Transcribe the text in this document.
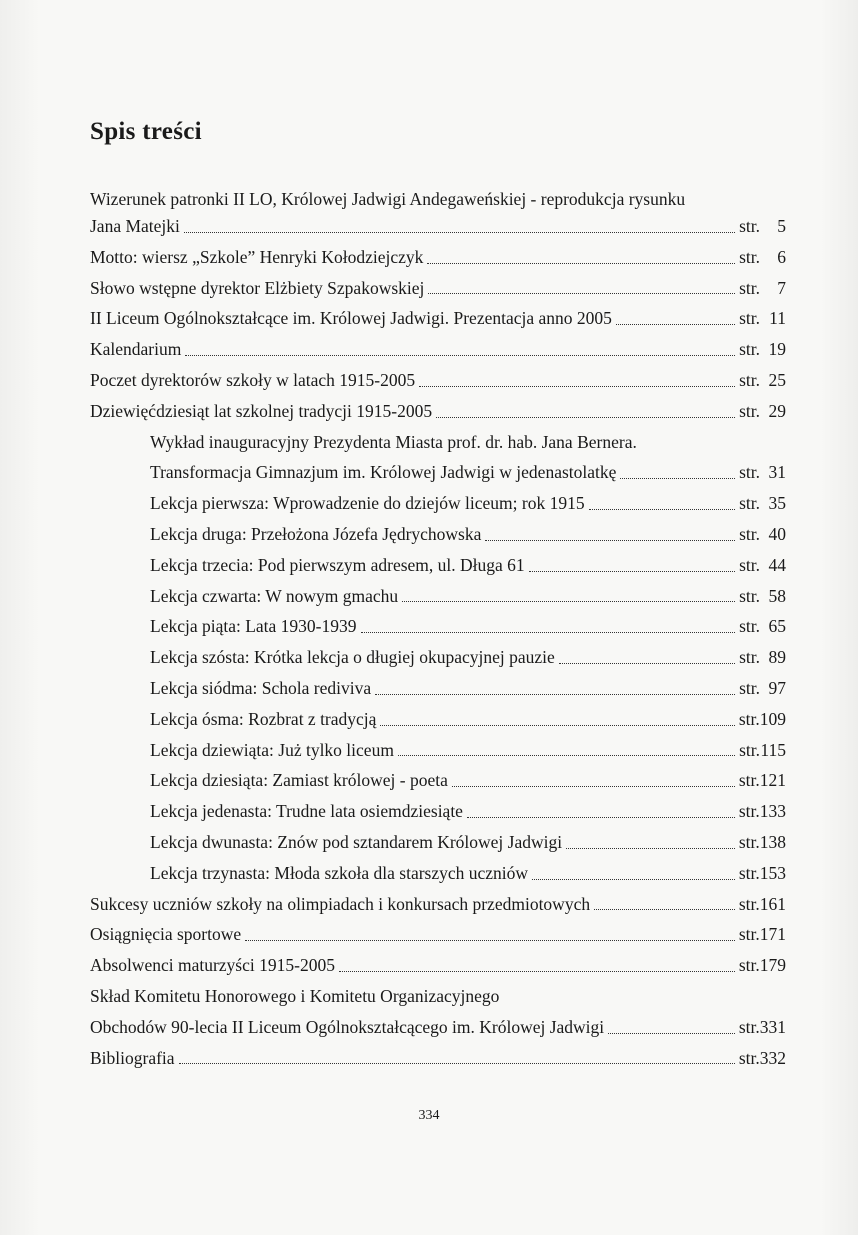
Spis treści
Wizerunek patronki II LO, Królowej Jadwigi Andegaweńskiej - reprodukcja rysunku
Jana Matejki	str. 5
Motto: wiersz „Szkole” Henryki Kołodziejczyk	str. 6
Słowo wstępne dyrektor Elżbiety Szpakowskiej	str. 7
II Liceum Ogólnokształcące im. Królowej Jadwigi. Prezentacja anno 2005	str. 11
Kalendarium	str. 19
Poczet dyrektorów szkoły w latach 1915-2005	str. 25
Dziewięćdziesiąt lat szkolnej tradycji 1915-2005	str. 29
Wykład inauguracyjny Prezydenta Miasta prof. dr. hab. Jana Bernera.
Transformacja Gimnazjum im. Królowej Jadwigi w jedenastolatkę	str. 31
Lekcja pierwsza: Wprowadzenie do dziejów liceum; rok 1915	str. 35
Lekcja druga: Przełożona Józefa Jędrychowska	str. 40
Lekcja trzecia: Pod pierwszym adresem, ul. Długa 61	str. 44
Lekcja czwarta: W nowym gmachu	str. 58
Lekcja piąta: Lata 1930-1939	str. 65
Lekcja szósta: Krótka lekcja o długiej okupacyjnej pauzie	str. 89
Lekcja siódma: Schola rediviva	str. 97
Lekcja ósma: Rozbrat z tradycją	str. 109
Lekcja dziewiąta: Już tylko liceum	str. 115
Lekcja dziesiąta: Zamiast królowej - poeta	str. 121
Lekcja jedenasta: Trudne lata osiemdziesiąte	str. 133
Lekcja dwunasta: Znów pod sztandarem Królowej Jadwigi	str. 138
Lekcja trzynasta: Młoda szkoła dla starszych uczniów	str. 153
Sukcesy uczniów szkoły na olimpiadach i konkursach przedmiotowych	str. 161
Osiągnięcia sportowe	str. 171
Absolwenci maturzyści 1915-2005	str. 179
Skład Komitetu Honorowego i Komitetu Organizacyjnego
Obchodów 90-lecia II Liceum Ogólnokształcącego im. Królowej Jadwigi	str. 331
Bibliografia	str. 332
334
